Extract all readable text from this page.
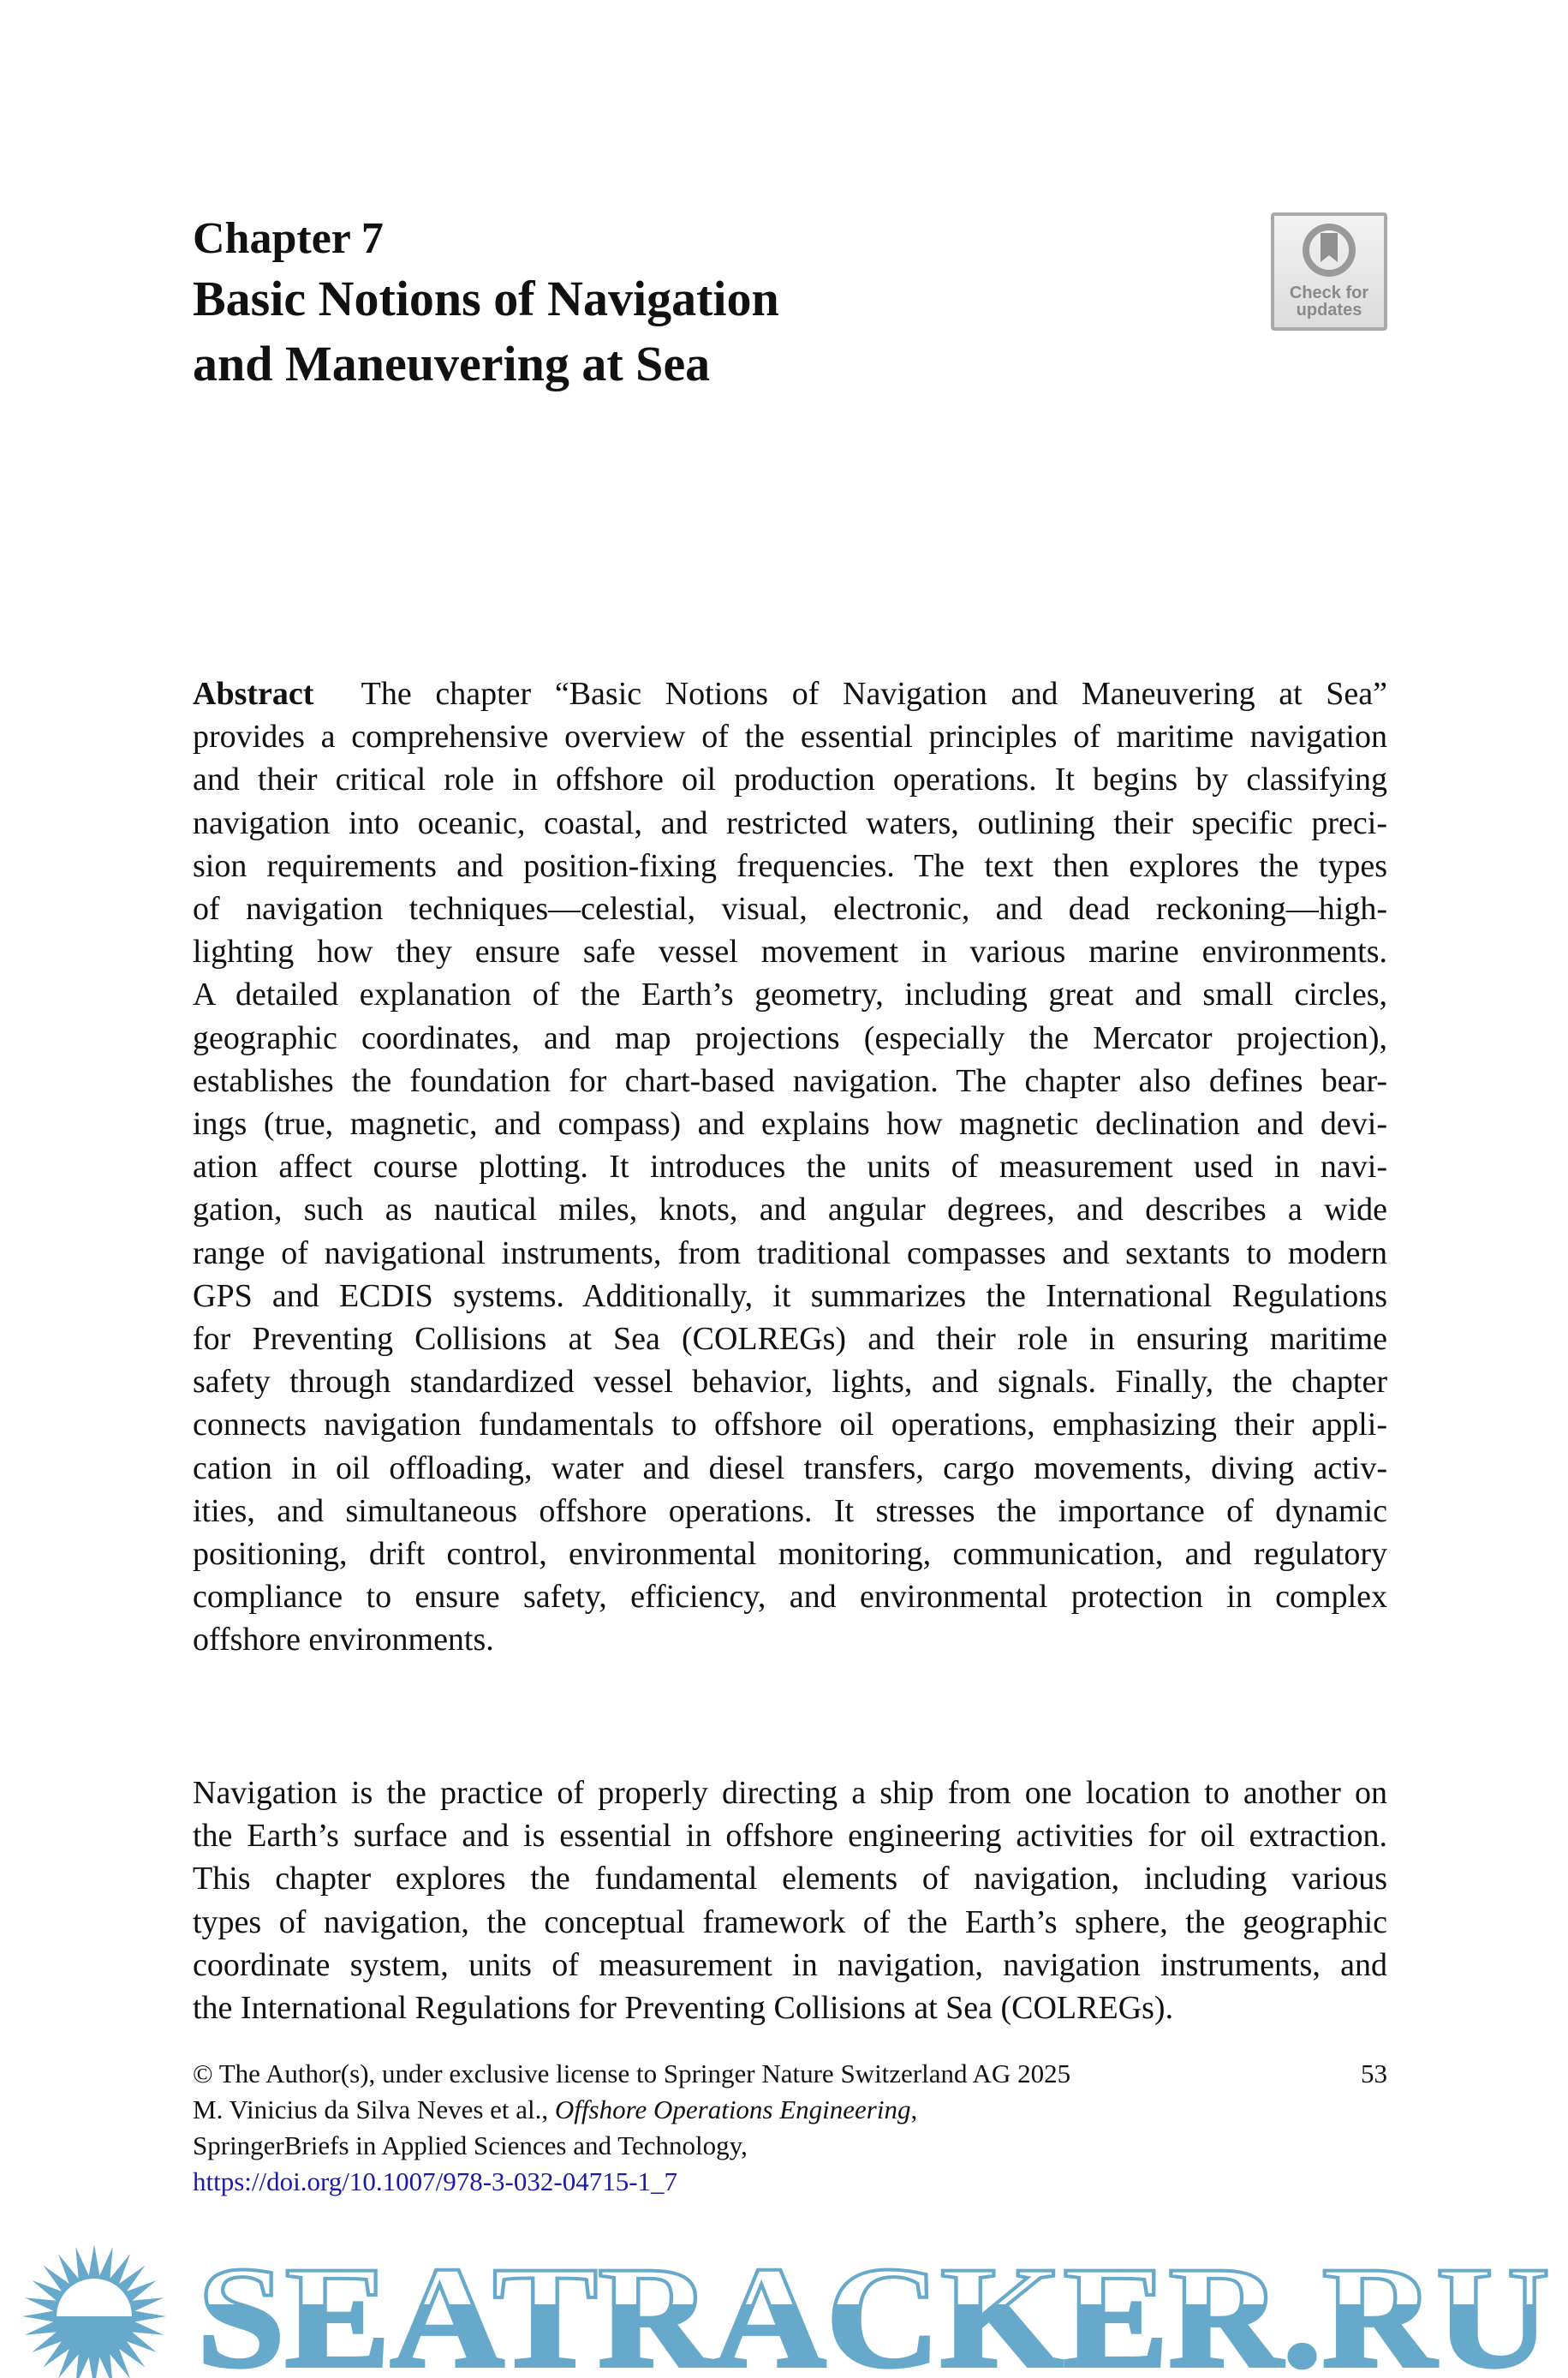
Chapter 7
Basic Notions of Navigation
and Maneuvering at Sea
Check for
updates
Abstract The chapter “Basic Notions of Navigation and Maneuvering at Sea”
provides a comprehensive overview of the essential principles of maritime navigation
and their critical role in offshore oil production operations. It begins by classifying
navigation into oceanic, coastal, and restricted waters, outlining their specific preci-
sion requirements and position-fixing frequencies. The text then explores the types
of navigation techniques—celestial, visual, electronic, and dead reckoning—high-
lighting how they ensure safe vessel movement in various marine environments.
A detailed explanation of the Earth’s geometry, including great and small circles,
geographic coordinates, and map projections (especially the Mercator projection),
establishes the foundation for chart-based navigation. The chapter also defines bear-
ings (true, magnetic, and compass) and explains how magnetic declination and devi-
ation affect course plotting. It introduces the units of measurement used in navi-
gation, such as nautical miles, knots, and angular degrees, and describes a wide
range of navigational instruments, from traditional compasses and sextants to modern
GPS and ECDIS systems. Additionally, it summarizes the International Regulations
for Preventing Collisions at Sea (COLREGs) and their role in ensuring maritime
safety through standardized vessel behavior, lights, and signals. Finally, the chapter
connects navigation fundamentals to offshore oil operations, emphasizing their appli-
cation in oil offloading, water and diesel transfers, cargo movements, diving activ-
ities, and simultaneous offshore operations. It stresses the importance of dynamic
positioning, drift control, environmental monitoring, communication, and regulatory
compliance to ensure safety, efficiency, and environmental protection in complex
offshore environments.
Navigation is the practice of properly directing a ship from one location to another on
the Earth’s surface and is essential in offshore engineering activities for oil extraction.
This chapter explores the fundamental elements of navigation, including various
types of navigation, the conceptual framework of the Earth’s sphere, the geographic
coordinate system, units of measurement in navigation, navigation instruments, and
the International Regulations for Preventing Collisions at Sea (COLREGs).
© The Author(s), under exclusive license to Springer Nature Switzerland AG 2025	53
M. Vinicius da Silva Neves et al., Offshore Operations Engineering,
SpringerBriefs in Applied Sciences and Technology,
https://doi.org/10.1007/978-3-032-04715-1_7
SEATRACKER.RU
